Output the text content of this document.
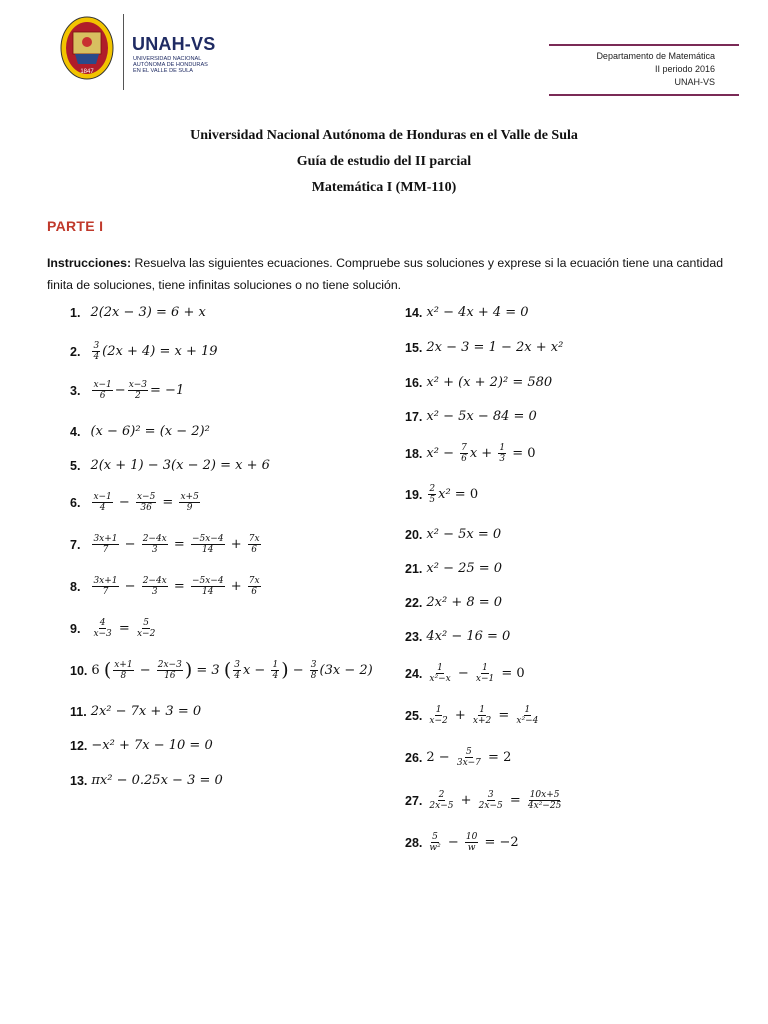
1847
UNAH-VS
UNIVERSIDAD NACIONAL
AUTÓNOMA DE HONDURAS
EN EL VALLE DE SULA
Departamento de Matemática
II periodo 2016
UNAH-VS
Universidad Nacional Autónoma de Honduras en el Valle de Sula
Guía de estudio del II parcial
Matemática I (MM-110)
PARTE I
Instrucciones: Resuelva las siguientes ecuaciones. Compruebe sus soluciones y exprese si la ecuación tiene una cantidad finita de soluciones, tiene infinitas soluciones o no tiene solución.
1. 2(2x − 3) = 6 + x
2. $\frac{3}{4} (2x + 4) = x + 19$
3. $\frac{x-1}{6} - \frac{x-3}{2} = -1$
4. (x − 6)² = (x − 2)²
5. 2(x + 1) − 3(x − 2) = x + 6
6. $\frac{x-1}{4} - \frac{x-5}{36} = \frac{x+5}{9}$
7. $\frac{3x+1}{7} - \frac{2-4x}{3} = \frac{-5x-4}{14} + \frac{7x}{6}$
8. $\frac{3x+1}{7} - \frac{2-4x}{3} = \frac{-5x-4}{14} + \frac{7x}{6}$
9. $\frac{4}{x-3} = \frac{5}{x-2}$
10. 6 ( $\frac{x+1}{8} - \frac{2x-3}{16}$ ) = 3 ( $\frac{3}{4}$ $x - \frac{1}{4}$ ) − $\frac{3}{8} (3x - 2)$
11. 2x² − 7x + 3 = 0
12. −x² + 7x − 10 = 0
13. πx² − 0.25x − 3 = 0
14. x² − 4x + 4 = 0
15. 2x − 3 = 1 − 2x + x²
16. x² + (x + 2)² = 580
17. x² − 5x − 84 = 0
18. $x^2 - \frac{7}{6}$ $x + \frac{1}{3} = 0$
19. $\frac{2}{5} x^2 = 0$
20. x² − 5x = 0
21. x² − 25 = 0
22. 2x² + 8 = 0
23. 4x² − 16 = 0
24. $\frac{1}{\text{x²−x}} - \frac{1}{x-1} = 0$
25. $\frac{1}{x-2} + \frac{1}{x+2} = \frac{1}{\text{x²−4}}$
26. $2 - \frac{5}{3x-7} = 2$
27. $\frac{2}{2x-5} + \frac{3}{2x-5} = \frac{10x+5}{\text{4x²−25}}$
28. $\frac{5}{\text{w²}} - \frac{10}{w} = -2$
